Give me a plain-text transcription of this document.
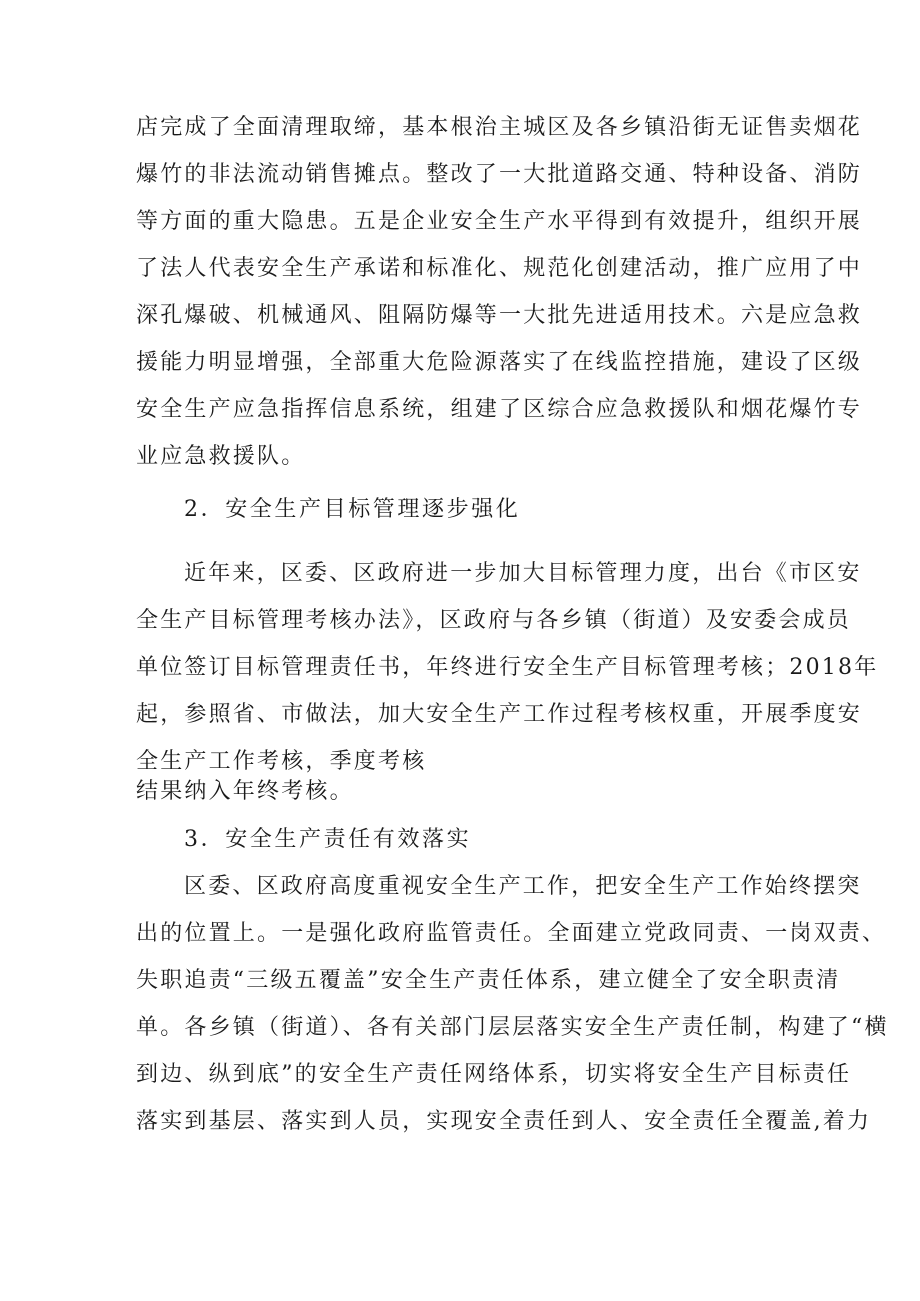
店完成了全面清理取缔，基本根治主城区及各乡镇沿街无证售卖烟花
爆竹的非法流动销售摊点。整改了一大批道路交通、特种设备、消防
等方面的重大隐患。五是企业安全生产水平得到有效提升，组织开展
了法人代表安全生产承诺和标准化、规范化创建活动，推广应用了中
深孔爆破、机械通风、阻隔防爆等一大批先进适用技术。六是应急救
援能力明显增强，全部重大危险源落实了在线监控措施，建设了区级
安全生产应急指挥信息系统，组建了区综合应急救援队和烟花爆竹专
业应急救援队。
2．安全生产目标管理逐步强化
近年来，区委、区政府进一步加大目标管理力度，出台《市区安
全生产目标管理考核办法》，区政府与各乡镇（街道）及安委会成员
单位签订目标管理责任书，年终进行安全生产目标管理考核；2018年
起，参照省、市做法，加大安全生产工作过程考核权重，开展季度安
全生产工作考核，季度考核
结果纳入年终考核。
3．安全生产责任有效落实
区委、区政府高度重视安全生产工作，把安全生产工作始终摆突
出的位置上。一是强化政府监管责任。全面建立党政同责、一岗双责、
失职追责“三级五覆盖”安全生产责任体系，建立健全了安全职责清
单。各乡镇（街道）、各有关部门层层落实安全生产责任制，构建了“横
到边、纵到底”的安全生产责任网络体系，切实将安全生产目标责任
落实到基层、落实到人员，实现安全责任到人、安全责任全覆盖,着力
